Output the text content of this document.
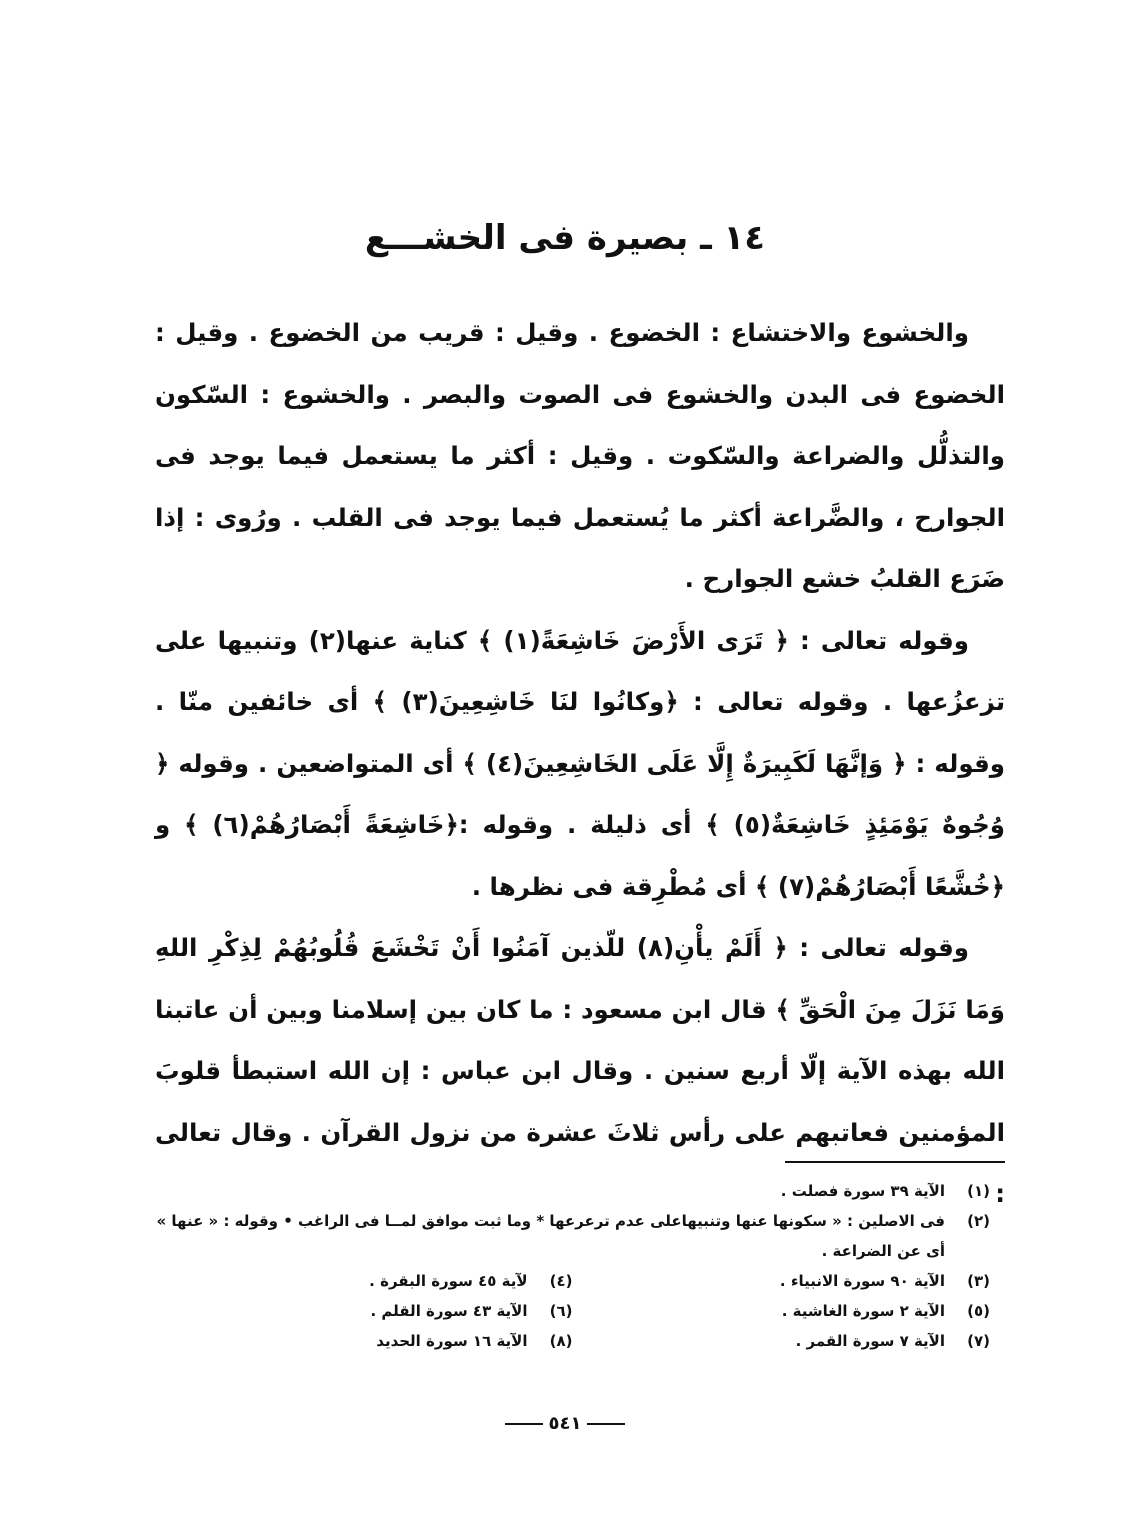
١٤ ـ بصيرة فى الخشـــع

والخشوع والاختشاع : الخضوع . وقيل : قريب من الخضوع . وقيل : الخضوع فى البدن والخشوع فى الصوت والبصر . والخشوع : السّكون والتذلُّل والضراعة والسّكوت . وقيل : أكثر ما يستعمل فيما يوجد فى الجوارح ، والضَّراعة أكثر ما يُستعمل فيما يوجد فى القلب . ورُوى : إذا ضَرَع القلبُ خشع الجوارح .

وقوله تعالى : ﴿ تَرَى الأَرْضَ خَاشِعَةً(١) ﴾ كناية عنها(٢) وتنبيها على تزعزُعها . وقوله تعالى : ﴿وكانُوا لنَا خَاشِعِينَ(٣) ﴾ أى خائفين منّا . وقوله : ﴿ وَإنَّهَا لَكَبِيرَةٌ إِلَّا عَلَى الخَاشِعِينَ(٤) ﴾ أى المتواضعين . وقوله ﴿ وُجُوهٌ يَوْمَئِذٍ خَاشِعَةٌ(٥) ﴾ أى ذليلة . وقوله :﴿خَاشِعَةً أَبْصَارُهُمْ(٦) ﴾ و ﴿خُشَّعًا أَبْصَارُهُمْ(٧) ﴾ أى مُطْرِقة فى نظرها .

وقوله تعالى : ﴿ أَلَمْ يأْنِ(٨) للّذين آمَنُوا أَنْ تَخْشَعَ قُلُوبُهُمْ لِذِكْرِ اللهِ وَمَا نَزَلَ مِنَ الْحَقِّ ﴾ قال ابن مسعود : ما كان بين إسلامنا وبين أن عاتبنا الله بهذه الآية إلّا أربع سنين . وقال ابن عباس : إن الله استبطأ قلوبَ المؤمنين فعاتبهم على رأس ثلاثَ عشرة من نزول القرآن . وقال تعالى :

(١)
الآية ٣٩ سورة فصلت .
(٢)
فى الاصلين : « سكونها عنها وتنبيهاعلى عدم ترعرعها * وما ثبت موافق لمــا فى الراغب • وقوله : « عنها » أى عن الضراعة .
(٣)
الآية ٩٠ سورة الانبياء .
(٤)
لآية ٤٥ سورة البقرة .
(٥)
الآية ٢ سورة الغاشية .
(٦)
الآية ٤٣ سورة القلم .
(٧)
الآية ٧ سورة القمر .
(٨)
الآية ١٦ سورة الحديد
٥٤١
